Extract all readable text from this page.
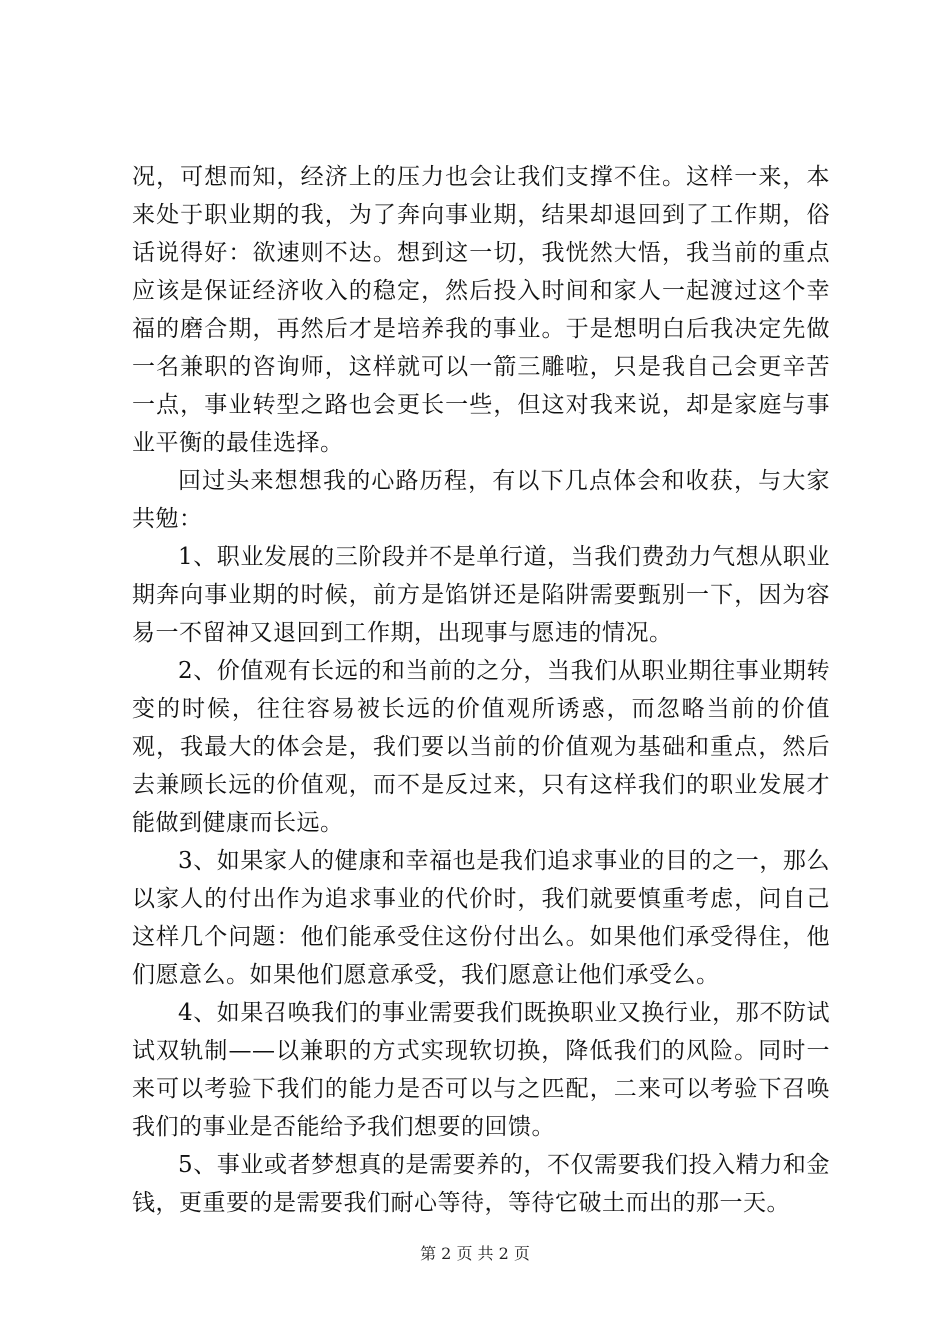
况，可想而知，经济上的压力也会让我们支撑不住。这样一来，本来处于职业期的我，为了奔向事业期，结果却退回到了工作期，俗话说得好：欲速则不达。想到这一切，我恍然大悟，我当前的重点应该是保证经济收入的稳定，然后投入时间和家人一起渡过这个幸福的磨合期，再然后才是培养我的事业。于是想明白后我决定先做一名兼职的咨询师，这样就可以一箭三雕啦，只是我自己会更辛苦一点，事业转型之路也会更长一些，但这对我来说，却是家庭与事业平衡的最佳选择。

回过头来想想我的心路历程，有以下几点体会和收获，与大家共勉：

1、职业发展的三阶段并不是单行道，当我们费劲力气想从职业期奔向事业期的时候，前方是馅饼还是陷阱需要甄别一下，因为容易一不留神又退回到工作期，出现事与愿违的情况。

2、价值观有长远的和当前的之分，当我们从职业期往事业期转变的时候，往往容易被长远的价值观所诱惑，而忽略当前的价值观，我最大的体会是，我们要以当前的价值观为基础和重点，然后去兼顾长远的价值观，而不是反过来，只有这样我们的职业发展才能做到健康而长远。

3、如果家人的健康和幸福也是我们追求事业的目的之一，那么以家人的付出作为追求事业的代价时，我们就要慎重考虑，问自己这样几个问题：他们能承受住这份付出么。如果他们承受得住，他们愿意么。如果他们愿意承受，我们愿意让他们承受么。

4、如果召唤我们的事业需要我们既换职业又换行业，那不防试试双轨制——以兼职的方式实现软切换，降低我们的风险。同时一来可以考验下我们的能力是否可以与之匹配，二来可以考验下召唤我们的事业是否能给予我们想要的回馈。

5、事业或者梦想真的是需要养的，不仅需要我们投入精力和金钱，更重要的是需要我们耐心等待，等待它破土而出的那一天。

第 2 页 共 2 页
